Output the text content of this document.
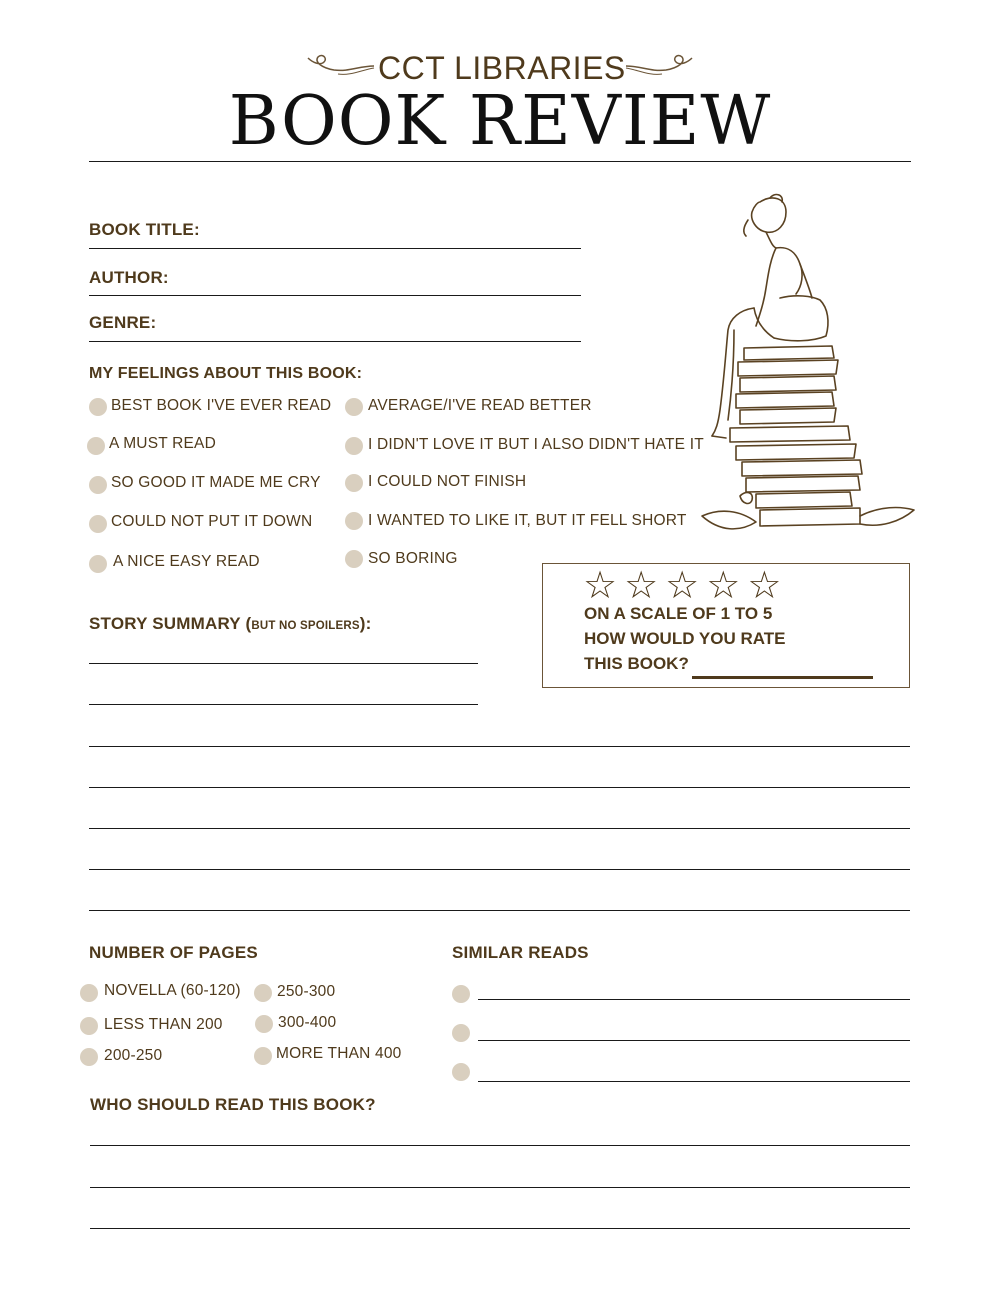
CCT LIBRARIES
BOOK REVIEW
BOOK TITLE:
AUTHOR:
GENRE:
MY FEELINGS ABOUT THIS BOOK:
BEST BOOK I'VE EVER READ
A MUST READ
SO GOOD IT MADE ME CRY
COULD NOT PUT IT DOWN
A NICE EASY READ
AVERAGE/I'VE READ BETTER
I DIDN'T LOVE IT BUT I ALSO DIDN'T HATE IT
I COULD NOT FINISH
I WANTED TO LIKE IT, BUT IT FELL SHORT
SO BORING
☆ ☆ ☆ ☆ ☆
ON A SCALE OF 1 TO 5
HOW WOULD YOU RATE
THIS BOOK?
STORY SUMMARY (BUT NO SPOILERS):
NUMBER OF PAGES
NOVELLA (60-120) 250-300
LESS THAN 200	300-400
200-250	MORE THAN 400
SIMILAR READS
WHO SHOULD READ THIS BOOK?
